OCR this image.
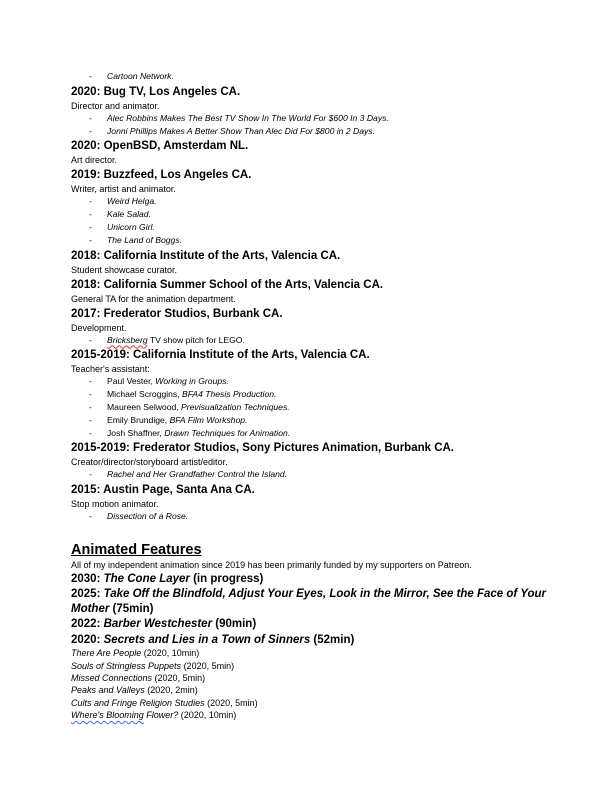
- Cartoon Network.
2020: Bug TV, Los Angeles CA.
Director and animator.
- Alec Robbins Makes The Best TV Show In The World For $600 In 3 Days.
- Jonni Phillips Makes A Better Show Than Alec Did For $800 in 2 Days.
2020: OpenBSD, Amsterdam NL.
Art director.
2019: Buzzfeed, Los Angeles CA.
Writer, artist and animator.
- Weird Helga.
- Kale Salad.
- Unicorn Girl.
- The Land of Boggs.
2018: California Institute of the Arts, Valencia CA.
Student showcase curator.
2018: California Summer School of the Arts, Valencia CA.
General TA for the animation department.
2017: Frederator Studios, Burbank CA.
Development.
- Bricksberg TV show pitch for LEGO.
2015-2019: California Institute of the Arts, Valencia CA.
Teacher's assistant:
- Paul Vester, Working in Groups.
- Michael Scroggins, BFA4 Thesis Production.
- Maureen Selwood, Previsualization Techniques.
- Emily Brundige, BFA Film Workshop.
- Josh Shaffner, Drawn Techniques for Animation.
2015-2019: Frederator Studios, Sony Pictures Animation, Burbank CA.
Creator/director/storyboard artist/editor.
- Rachel and Her Grandfather Control the Island.
2015: Austin Page, Santa Ana CA.
Stop motion animator.
- Dissection of a Rose.
Animated Features
All of my independent animation since 2019 has been primarily funded by my supporters on Patreon.
2030: The Cone Layer (in progress)
2025: Take Off the Blindfold, Adjust Your Eyes, Look in the Mirror, See the Face of Your Mother (75min)
2022: Barber Westchester (90min)
2020: Secrets and Lies in a Town of Sinners (52min)
There Are People (2020, 10min)
Souls of Stringless Puppets (2020, 5min)
Missed Connections (2020, 5min)
Peaks and Valleys (2020, 2min)
Cults and Fringe Religion Studies (2020, 5min)
Where's Blooming Flower? (2020, 10min)
